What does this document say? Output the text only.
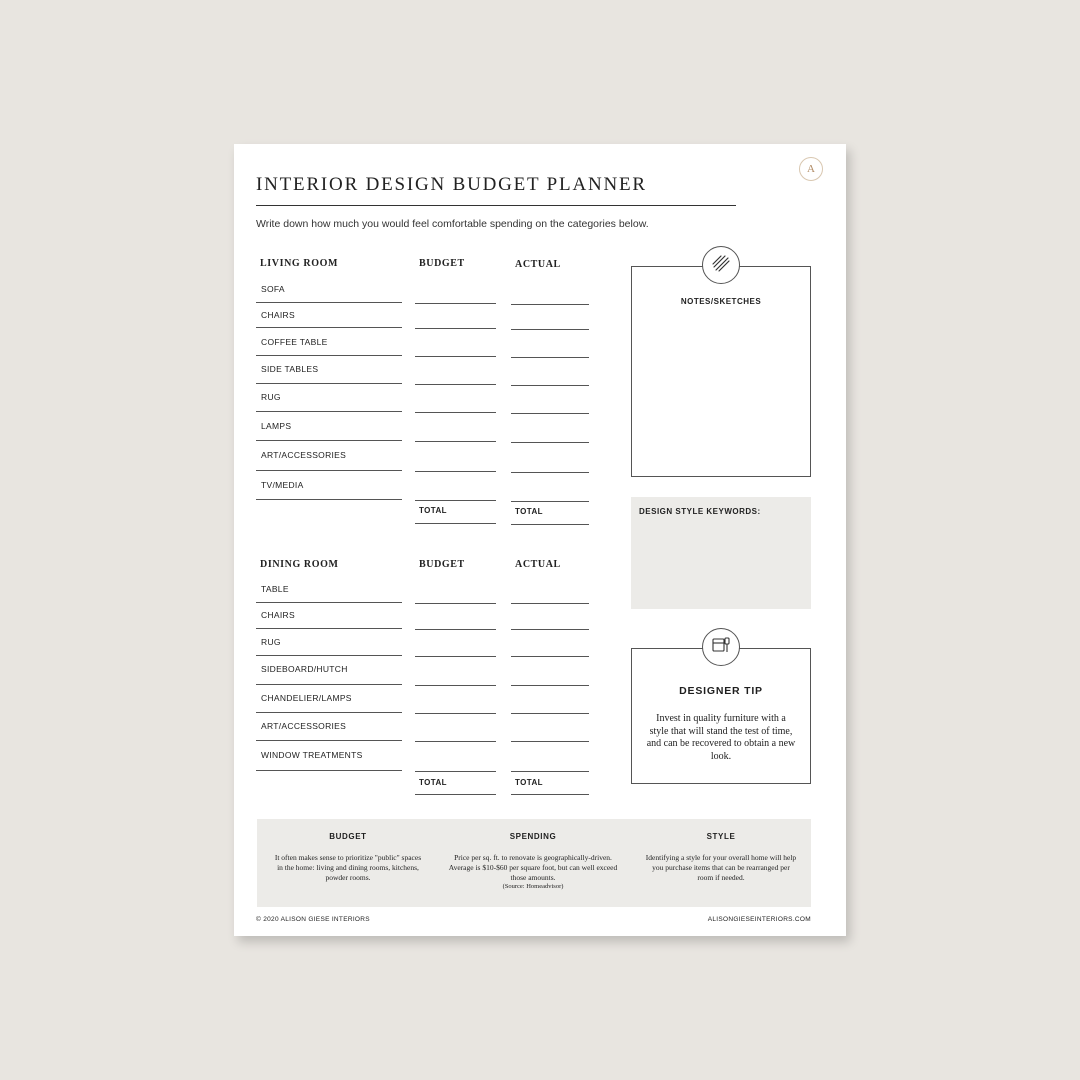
A
INTERIOR DESIGN BUDGET PLANNER
Write down how much you would feel comfortable spending on the categories below.
LIVING ROOM	BUDGET	ACTUAL
SOFA
CHAIRS
COFFEE TABLE
SIDE TABLES
RUG
LAMPS
ART/ACCESSORIES
TV/MEDIA
TOTAL	TOTAL
DINING ROOM	BUDGET	ACTUAL
TABLE
CHAIRS
RUG
SIDEBOARD/HUTCH
CHANDELIER/LAMPS
ART/ACCESSORIES
WINDOW TREATMENTS
TOTAL	TOTAL
NOTES/SKETCHES
DESIGN STYLE KEYWORDS:
DESIGNER TIP
Invest in quality furniture with a style that will stand the test of time, and can be recovered to obtain a new look.
BUDGET
It often makes sense to prioritize "public" spaces in the home: living and dining rooms, kitchens, powder rooms.
SPENDING
Price per sq. ft. to renovate is geographically-driven. Average is $10-$60 per square foot, but can well exceed those amounts.
(Source: Homeadvisor)
STYLE
Identifying a style for your overall home will help you purchase items that can be rearranged per room if needed.
© 2020 ALISON GIESE INTERIORS	ALISONGIESEINTERIORS.COM
